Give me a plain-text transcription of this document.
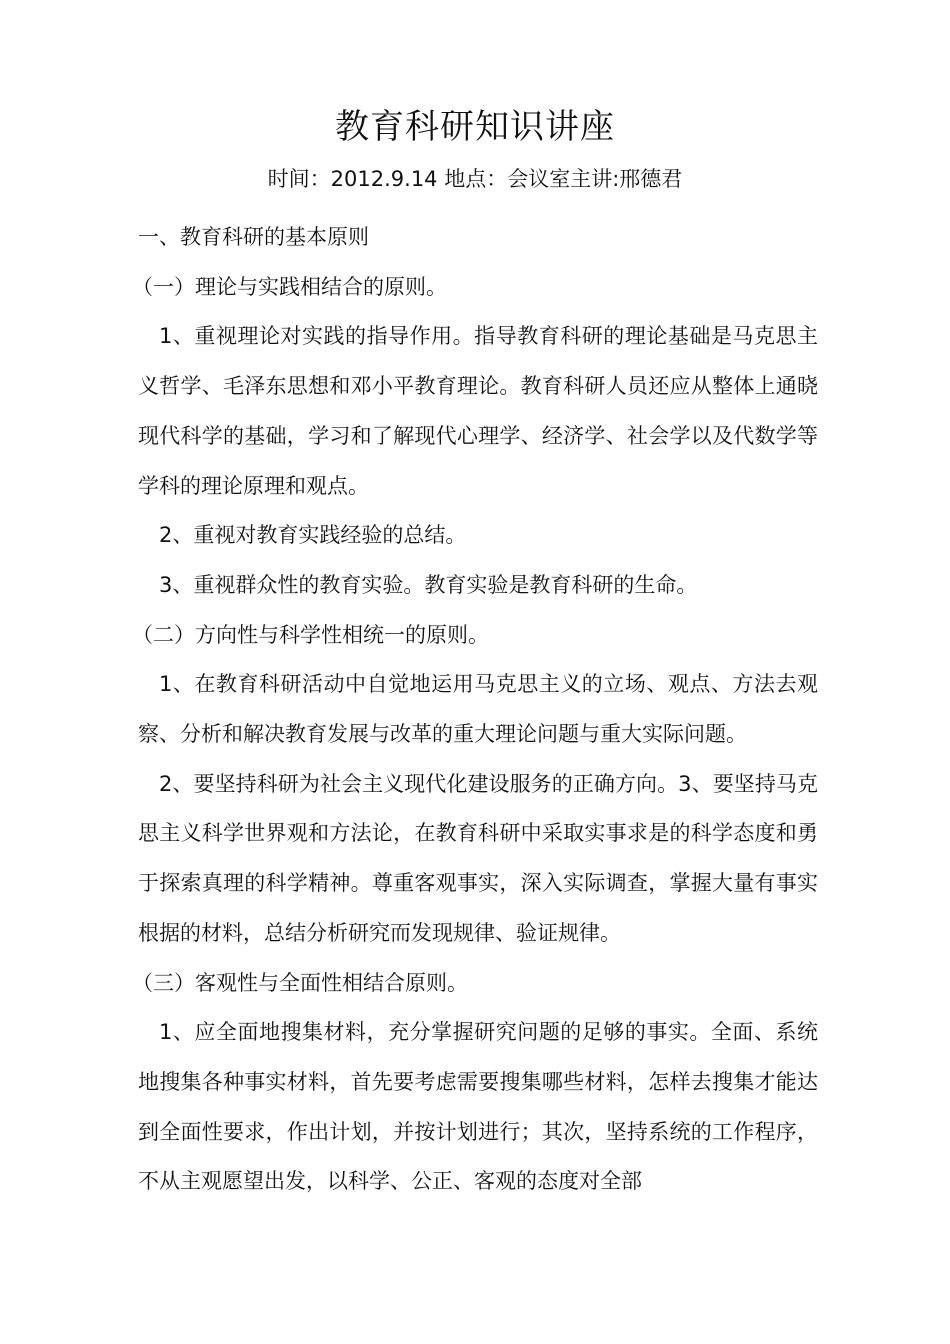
教育科研知识讲座

时间：2012.9.14 地点：会议室主讲:邢德君

一、教育科研的基本原则

（一）理论与实践相结合的原则。

1、重视理论对实践的指导作用。指导教育科研的理论基础是马克思主义哲学、毛泽东思想和邓小平教育理论。教育科研人员还应从整体上通晓现代科学的基础，学习和了解现代心理学、经济学、社会学以及代数学等学科的理论原理和观点。

2、重视对教育实践经验的总结。

3、重视群众性的教育实验。教育实验是教育科研的生命。

（二）方向性与科学性相统一的原则。

1、在教育科研活动中自觉地运用马克思主义的立场、观点、方法去观察、分析和解决教育发展与改革的重大理论问题与重大实际问题。

2、要坚持科研为社会主义现代化建设服务的正确方向。3、要坚持马克思主义科学世界观和方法论，在教育科研中采取实事求是的科学态度和勇于探索真理的科学精神。尊重客观事实，深入实际调查，掌握大量有事实根据的材料，总结分析研究而发现规律、验证规律。

（三）客观性与全面性相结合原则。

1、应全面地搜集材料，充分掌握研究问题的足够的事实。全面、系统地搜集各种事实材料，首先要考虑需要搜集哪些材料，怎样去搜集才能达到全面性要求，作出计划，并按计划进行；其次，坚持系统的工作程序，不从主观愿望出发，以科学、公正、客观的态度对全部
